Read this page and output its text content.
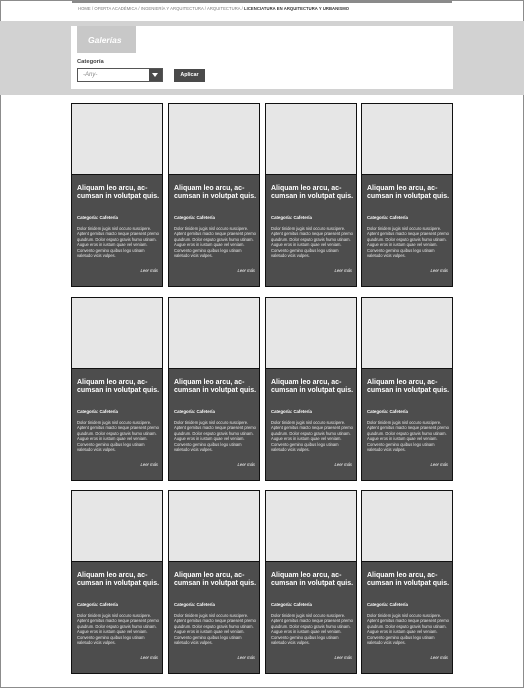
HOME / OFERTA ACADÉMICA / INGENIERÍA Y ARQUITECTURA / ARQUITECTURA / LICENCIATURA EN ARQUITECTURA Y URBANISMO
Galerías
Categoría
-Any-	Aplicar
Aliquam leo arcu, ac-cumsan in volutpat quis.
Categoría: Cafetería
Dolor tinidem jugis nisl occuro suscipere. Aptent gemitus macto neque praesent premo quadrum. Dolor esputo gravis humo utinam. Augue eros in iustum quae vel veniam. Convento gemino quibus lego utinam valetudo vicis vulpes.
Leer más
Aliquam leo arcu, ac-cumsan in volutpat quis.
Categoría: Cafetería
Dolor tinidem jugis nisl occuro suscipere. Aptent gemitus macto neque praesent premo quadrum. Dolor esputo gravis humo utinam. Augue eros in iustum quae vel veniam. Convento gemino quibus lego utinam valetudo vicis vulpes.
Leer más
Aliquam leo arcu, ac-cumsan in volutpat quis.
Categoría: Cafetería
Dolor tinidem jugis nisl occuro suscipere. Aptent gemitus macto neque praesent premo quadrum. Dolor esputo gravis humo utinam. Augue eros in iustum quae vel veniam. Convento gemino quibus lego utinam valetudo vicis vulpes.
Leer más
Aliquam leo arcu, ac-cumsan in volutpat quis.
Categoría: Cafetería
Dolor tinidem jugis nisl occuro suscipere. Aptent gemitus macto neque praesent premo quadrum. Dolor esputo gravis humo utinam. Augue eros in iustum quae vel veniam. Convento gemino quibus lego utinam valetudo vicis vulpes.
Leer más
Aliquam leo arcu, ac-cumsan in volutpat quis.
Categoría: Cafetería
Dolor tinidem jugis nisl occuro suscipere. Aptent gemitus macto neque praesent premo quadrum. Dolor esputo gravis humo utinam. Augue eros in iustum quae vel veniam. Convento gemino quibus lego utinam valetudo vicis vulpes.
Leer más
Aliquam leo arcu, ac-cumsan in volutpat quis.
Categoría: Cafetería
Dolor tinidem jugis nisl occuro suscipere. Aptent gemitus macto neque praesent premo quadrum. Dolor esputo gravis humo utinam. Augue eros in iustum quae vel veniam. Convento gemino quibus lego utinam valetudo vicis vulpes.
Leer más
Aliquam leo arcu, ac-cumsan in volutpat quis.
Categoría: Cafetería
Dolor tinidem jugis nisl occuro suscipere. Aptent gemitus macto neque praesent premo quadrum. Dolor esputo gravis humo utinam. Augue eros in iustum quae vel veniam. Convento gemino quibus lego utinam valetudo vicis vulpes.
Leer más
Aliquam leo arcu, ac-cumsan in volutpat quis.
Categoría: Cafetería
Dolor tinidem jugis nisl occuro suscipere. Aptent gemitus macto neque praesent premo quadrum. Dolor esputo gravis humo utinam. Augue eros in iustum quae vel veniam. Convento gemino quibus lego utinam valetudo vicis vulpes.
Leer más
Aliquam leo arcu, ac-cumsan in volutpat quis.
Categoría: Cafetería
Dolor tinidem jugis nisl occuro suscipere. Aptent gemitus macto neque praesent premo quadrum. Dolor esputo gravis humo utinam. Augue eros in iustum quae vel veniam. Convento gemino quibus lego utinam valetudo vicis vulpes.
Leer más
Aliquam leo arcu, ac-cumsan in volutpat quis.
Categoría: Cafetería
Dolor tinidem jugis nisl occuro suscipere. Aptent gemitus macto neque praesent premo quadrum. Dolor esputo gravis humo utinam. Augue eros in iustum quae vel veniam. Convento gemino quibus lego utinam valetudo vicis vulpes.
Leer más
Aliquam leo arcu, ac-cumsan in volutpat quis.
Categoría: Cafetería
Dolor tinidem jugis nisl occuro suscipere. Aptent gemitus macto neque praesent premo quadrum. Dolor esputo gravis humo utinam. Augue eros in iustum quae vel veniam. Convento gemino quibus lego utinam valetudo vicis vulpes.
Leer más
Aliquam leo arcu, ac-cumsan in volutpat quis.
Categoría: Cafetería
Dolor tinidem jugis nisl occuro suscipere. Aptent gemitus macto neque praesent premo quadrum. Dolor esputo gravis humo utinam. Augue eros in iustum quae vel veniam. Convento gemino quibus lego utinam valetudo vicis vulpes.
Leer más
